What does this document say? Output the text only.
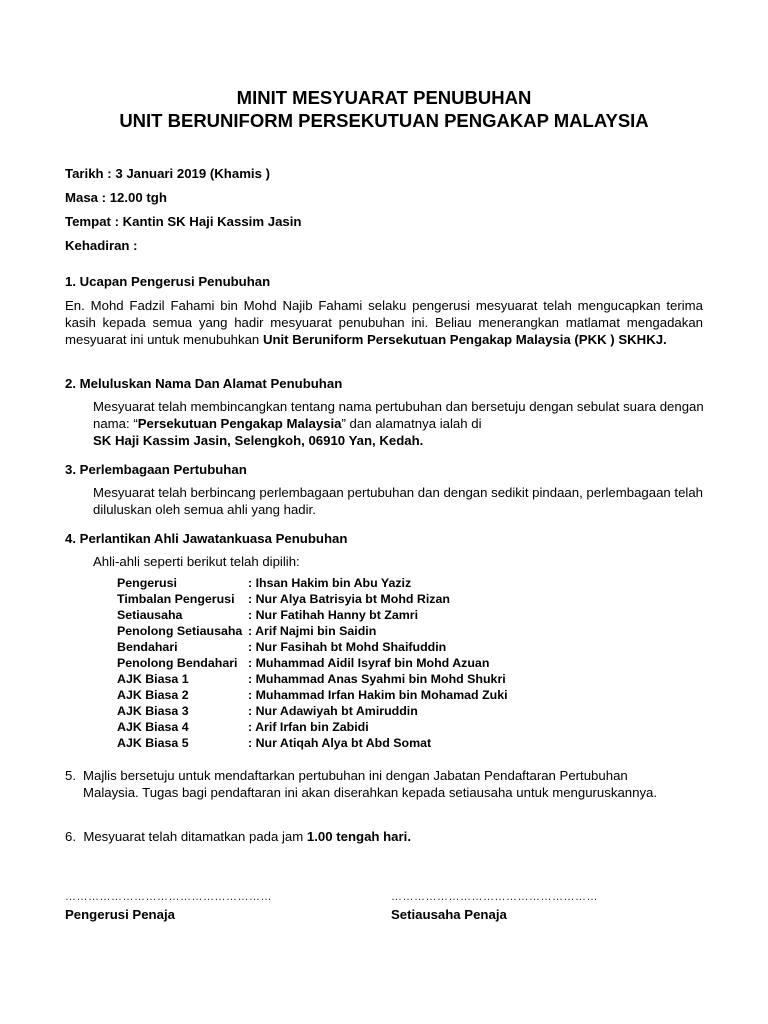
MINIT MESYUARAT PENUBUHAN
UNIT BERUNIFORM PERSEKUTUAN PENGAKAP MALAYSIA
Tarikh : 3 Januari 2019 (Khamis )
Masa : 12.00 tgh
Tempat : Kantin SK Haji Kassim Jasin
Kehadiran :
1. Ucapan Pengerusi Penubuhan

En. Mohd Fadzil Fahami bin Mohd Najib Fahami selaku pengerusi mesyuarat telah mengucapkan terima kasih kepada semua yang hadir mesyuarat penubuhan ini. Beliau menerangkan matlamat mengadakan mesyuarat ini untuk menubuhkan Unit Beruniform Persekutuan Pengakap Malaysia (PKK ) SKHKJ.

2. Meluluskan Nama Dan Alamat Penubuhan

Mesyuarat telah membincangkan tentang nama pertubuhan dan bersetuju dengan sebulat suara dengan nama: “Persekutuan Pengakap Malaysia” dan alamatnya ialah di
SK Haji Kassim Jasin, Selengkoh, 06910 Yan, Kedah.

3. Perlembagaan Pertubuhan

Mesyuarat telah berbincang perlembagaan pertubuhan dan dengan sedikit pindaan, perlembagaan telah diluluskan oleh semua ahli yang hadir.

4. Perlantikan Ahli Jawatankuasa Penubuhan

Ahli-ahli seperti berikut telah dipilih:

Pengerusi	: Ihsan Hakim bin Abu Yaziz
Timbalan Pengerusi	: Nur Alya Batrisyia bt Mohd Rizan
Setiausaha	: Nur Fatihah Hanny bt Zamri
Penolong Setiausaha : Arif Najmi bin Saidin
Bendahari	: Nur Fasihah bt Mohd Shaifuddin
Penolong Bendahari : Muhammad Aidil Isyraf bin Mohd Azuan
AJK Biasa 1	: Muhammad Anas Syahmi bin Mohd Shukri
AJK Biasa 2	: Muhammad Irfan Hakim bin Mohamad Zuki
AJK Biasa 3	: Nur Adawiyah bt Amiruddin
AJK Biasa 4	: Arif Irfan bin Zabidi
AJK Biasa 5	: Nur Atiqah Alya bt Abd Somat

5. Majlis bersetuju untuk mendaftarkan pertubuhan ini dengan Jabatan Pendaftaran Pertubuhan Malaysia. Tugas bagi pendaftaran ini akan diserahkan kepada setiausaha untuk menguruskannya.

6. Mesyuarat telah ditamatkan pada jam 1.00 tengah hari.

………………………………………………	………………………………………………
Pengerusi Penaja	Setiausaha Penaja
